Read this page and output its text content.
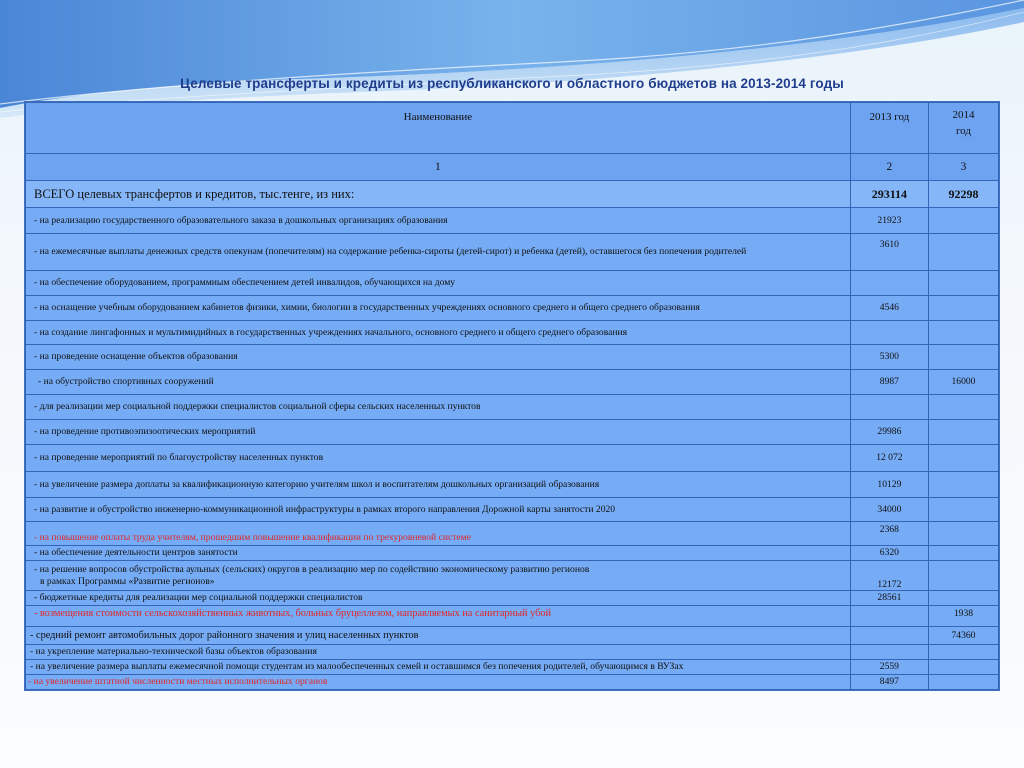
Целевые трансферты и кредиты из республиканского и областного бюджетов на 2013-2014 годы
Наименование	2013 год	2014 год
1	2	3
ВСЕГО целевых трансфертов и кредитов, тыс.тенге, из них:	293114	92298
- на реализацию государственного образовательного заказа в дошкольных организациях образования	21923	
- на ежемесячные выплаты денежных средств опекунам (попечителям) на содержание ребенка-сироты (детей-сирот) и ребенка (детей), оставшегося без попечения родителей	3610	
- на обеспечение оборудованием, программным обеспечением детей инвалидов, обучающихся на дому		
- на оснащение учебным оборудованием кабинетов физики, химии, биологии в государственных учреждениях основного среднего и общего среднего образования	4546	
- на создание лингафонных и мультимидийных в государственных учреждениях начального, основного среднего и общего среднего образования		
- на проведение оснащение объектов образования	5300	
- на обустройство спортивных сооружений	8987	16000
- для реализации мер социальной поддержки специалистов социальной сферы сельских населенных пунктов		
- на проведение противоэпизоотических мероприятий	29986	
- на проведение мероприятий по благоустройству населенных пунктов	12 072	
- на увеличение размера доплаты за квалификационную категорию учителям школ и воспитателям дошкольных организаций образования	10129	
- на развитие и обустройство инженерно-коммуникационной инфраструктуры в рамках второго направления Дорожной карты занятости 2020	34000	
- на повышение оплаты труда учителям, прошедшим повышение квалификации по трехуровневой системе	2368	
- на обеспечение деятельности центров занятости	6320	

- на решение вопросов обустройства аульных (сельских) округов в реализацию мер по содействию экономическому развитию регионов
в рамках Программы «Развитие регионов»	12172	
- бюджетные кредиты для реализации мер социальной поддержки специалистов	28561	
- возмещения стоимости сельскохозяйственных животных, больных бруцеллезом, направляемых на санитарный убой		1938
- средний ремонт автомобильных дорог районного значения и улиц населенных пунктов		74360
- на укрепление материально-технической базы объектов образования		
- на увеличение размера выплаты ежемесячной помощи студентам из малообеспеченных семей и оставшимся без попечения родителей, обучающимся в ВУЗах	2559	
- на увеличение штатной численности местных исполнительных органов	8497	
